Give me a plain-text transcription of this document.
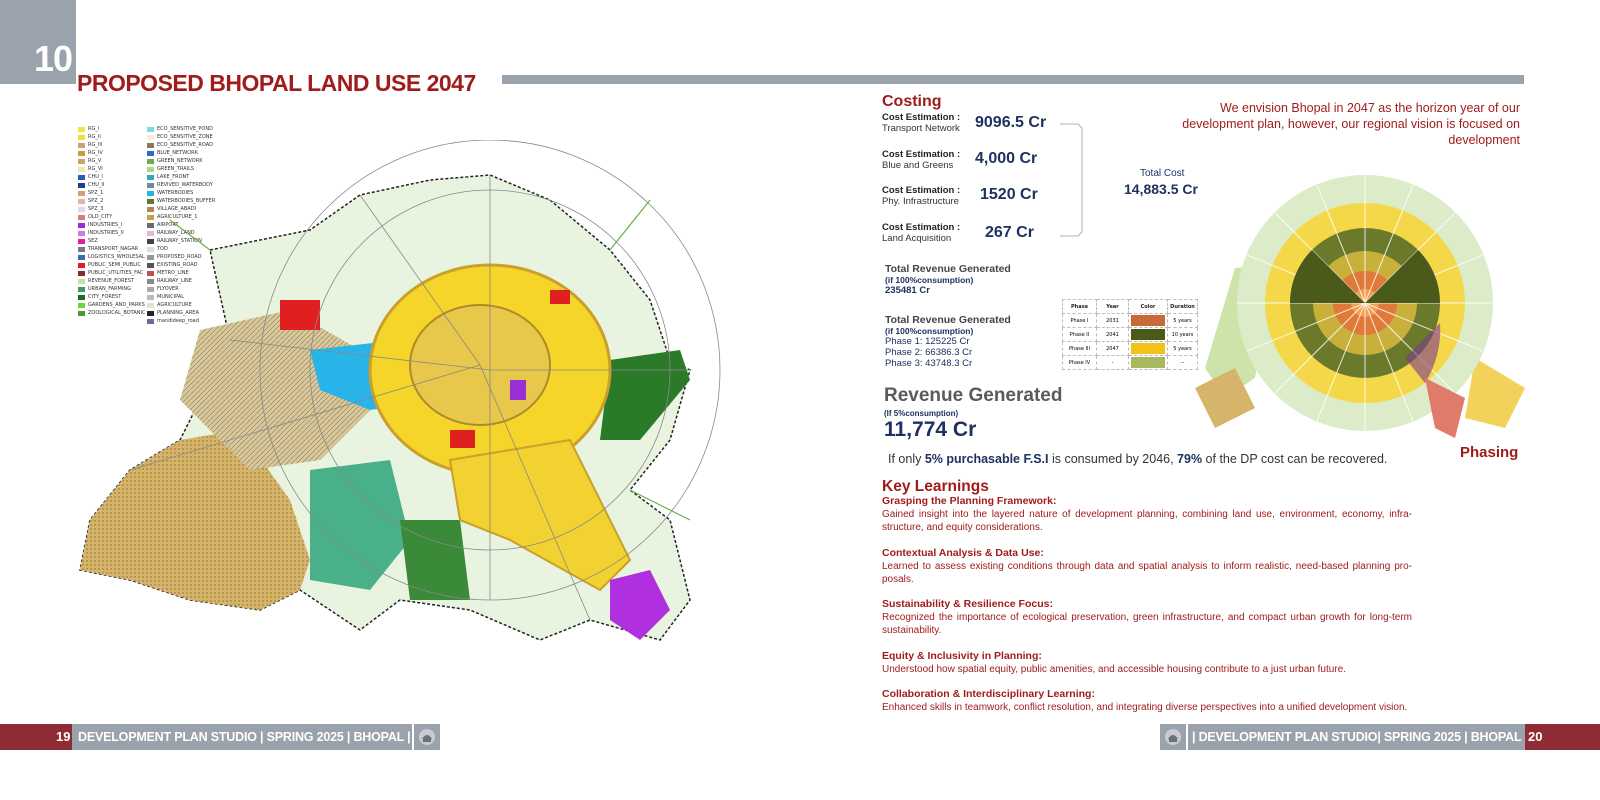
10
PROPOSED BHOPAL LAND USE 2047
RG_I
RG_II
RG_III
RG_IV
RG_V
RG_VI
CHU_I
CHU_II
SPZ_1
SPZ_2
SPZ_3
OLD_CITY
INDUSTRIES_I
INDUSTRIES_II
SEZ
TRANSPORT_NAGAR
LOGISTICS_WHOLESAL
PUBLIC_SEMI_PUBLIC
PUBLIC_UTILITIES_FAC
REVENUE_FOREST
URBAN_FARMING
CITY_FOREST
GARDENS_AND_PARKS
ZOOLOGICAL_BOTANIC
ECO_SENSITIVE_POND
ECO_SENSITIVE_ZONE
ECO_SENSITIVE_ROAD
BLUE_NETWORK
GREEN_NETWORK
GREEN_TRAILS
LAKE_FRONT
REVIVED_WATERBODY
WATERBODIES
WATERBODIES_BUFFER
VILLAGE_ABADI
AGRICULTURE_1
AIRPORT
RAILWAY_LAND
RAILWAY_STATION
TOD
PROPOSED_ROAD
EXISTING_ROAD
METRO_LINE
RAILWAY_LINE
FLYOVER
MUNICIPAL
AGRICULTURE
PLANNING_AREA
mandideep_road
Costing
Cost Estimation :
Transport Network 9096.5 Cr
Cost Estimation :
Blue and Greens	4,000 Cr
Cost Estimation :
Phy. Infrastructure 1520 Cr
Cost Estimation :
Land Acquisition	267 Cr
Total Cost
14,883.5 Cr
We envision Bhopal in 2047 as the horizon year of our development plan, however, our regional vision is focused on development
Total Revenue Generated
(if 100%consumption)
235481 Cr
Total Revenue Generated
(if 100%consumption)
Phase 1: 125225 Cr
Phase 2: 66386.3 Cr
Phase 3: 43748.3 Cr
Phase	Year	Color	Duration
Phase I	2031		5 years
Phase II	2041		10 years
Phase III	2047		5 years
Phase IV	-		--
Revenue Generated
(If 5%consumption)
11,774 Cr
If only 5% purchasable F.S.I is consumed by 2046, 79% of the DP cost can be recovered.	Phasing
Key Learnings
Grasping the Planning Framework:
Gained insight into the layered nature of development planning, combining land use, environment, economy, infra-structure, and equity considerations.
Contextual Analysis & Data Use:
Learned to assess existing conditions through data and spatial analysis to inform realistic, need-based planning pro-posals.
Sustainability & Resilience Focus:
Recognized the importance of ecological preservation, green infrastructure, and compact urban growth for long-term sustainability.
Equity & Inclusivity in Planning:
Understood how spatial equity, public amenities, and accessible housing contribute to a just urban future.
Collaboration & Interdisciplinary Learning:
Enhanced skills in teamwork, conflict resolution, and integrating diverse perspectives into a unified development vision.
19 DEVELOPMENT PLAN STUDIO | SPRING 2025 | BHOPAL |	| DEVELOPMENT PLAN STUDIO| SPRING 2025 | BHOPAL 20
